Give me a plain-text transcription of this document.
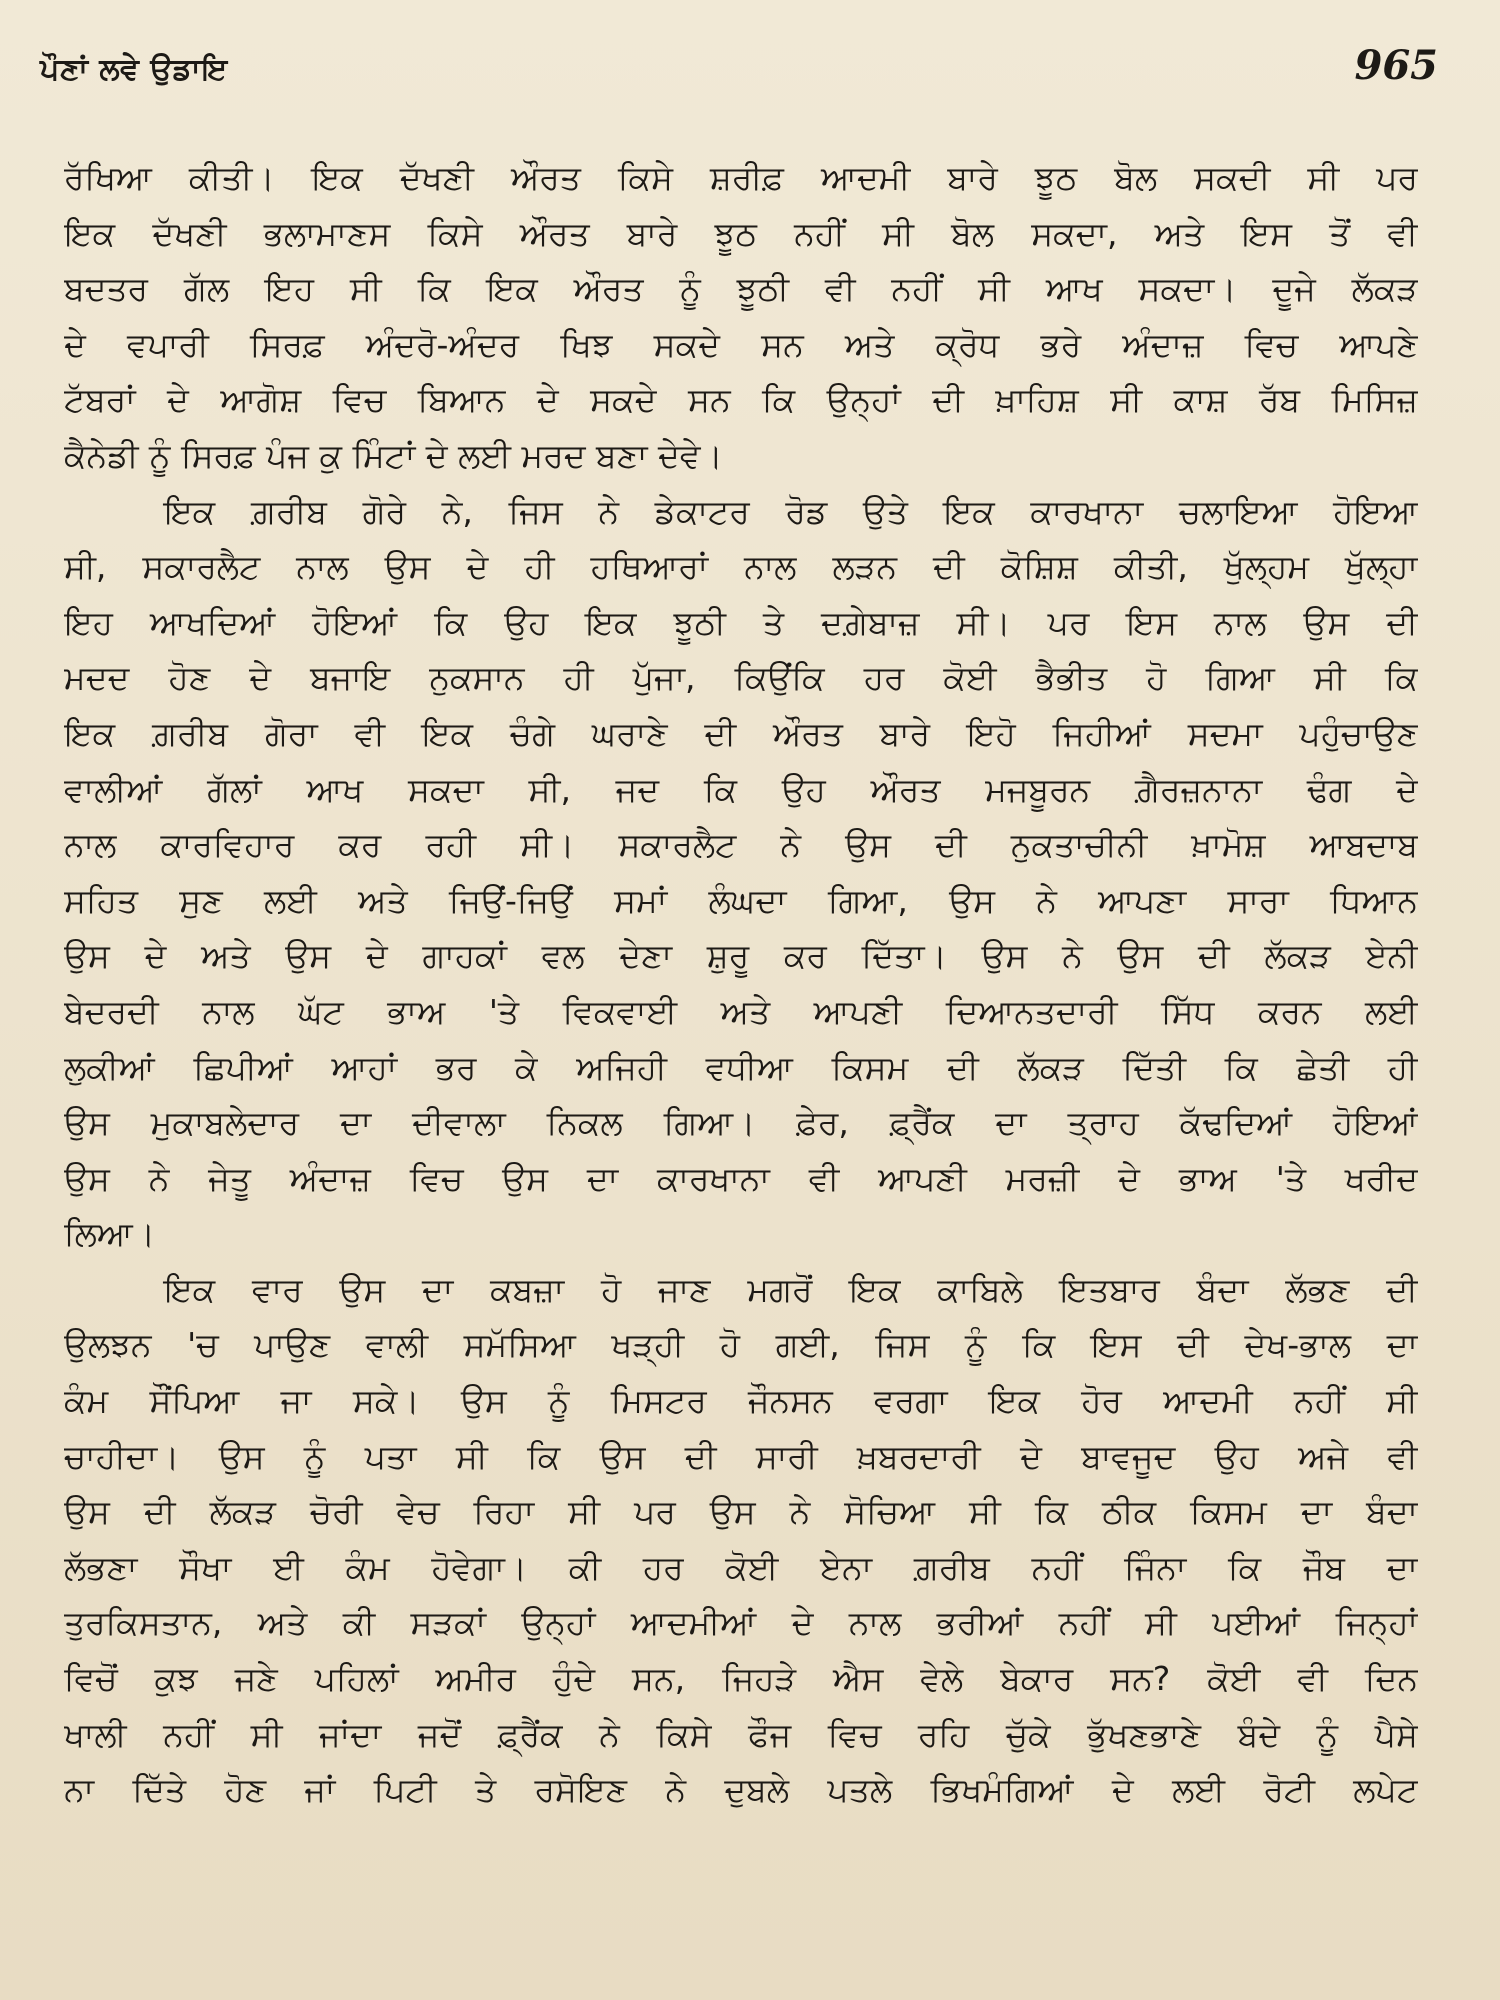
ਪੌਣਾਂ ਲਵੇ ਉਡਾਇ	965
ਰੱਖਿਆ ਕੀਤੀ। ਇਕ ਦੱਖਣੀ ਔਰਤ ਕਿਸੇ ਸ਼ਰੀਫ਼ ਆਦਮੀ ਬਾਰੇ ਝੂਠ ਬੋਲ ਸਕਦੀ ਸੀ ਪਰ
ਇਕ ਦੱਖਣੀ ਭਲਾਮਾਣਸ ਕਿਸੇ ਔਰਤ ਬਾਰੇ ਝੂਠ ਨਹੀਂ ਸੀ ਬੋਲ ਸਕਦਾ, ਅਤੇ ਇਸ ਤੋਂ ਵੀ
ਬਦਤਰ ਗੱਲ ਇਹ ਸੀ ਕਿ ਇਕ ਔਰਤ ਨੂੰ ਝੂਠੀ ਵੀ ਨਹੀਂ ਸੀ ਆਖ ਸਕਦਾ। ਦੂਜੇ ਲੱਕੜ
ਦੇ ਵਪਾਰੀ ਸਿਰਫ਼ ਅੰਦਰੋ-ਅੰਦਰ ਖਿਝ ਸਕਦੇ ਸਨ ਅਤੇ ਕ੍ਰੋਧ ਭਰੇ ਅੰਦਾਜ਼ ਵਿਚ ਆਪਣੇ
ਟੱਬਰਾਂ ਦੇ ਆਗੋਸ਼ ਵਿਚ ਬਿਆਨ ਦੇ ਸਕਦੇ ਸਨ ਕਿ ਉਨ੍ਹਾਂ ਦੀ ਖ਼ਾਹਿਸ਼ ਸੀ ਕਾਸ਼ ਰੱਬ ਮਿਸਿਜ਼
ਕੈਨੇਡੀ ਨੂੰ ਸਿਰਫ਼ ਪੰਜ ਕੁ ਮਿੰਟਾਂ ਦੇ ਲਈ ਮਰਦ ਬਣਾ ਦੇਵੇ।
ਇਕ ਗ਼ਰੀਬ ਗੋਰੇ ਨੇ, ਜਿਸ ਨੇ ਡੇਕਾਟਰ ਰੋਡ ਉਤੇ ਇਕ ਕਾਰਖਾਨਾ ਚਲਾਇਆ ਹੋਇਆ
ਸੀ, ਸਕਾਰਲੈਟ ਨਾਲ ਉਸ ਦੇ ਹੀ ਹਥਿਆਰਾਂ ਨਾਲ ਲੜਨ ਦੀ ਕੋਸ਼ਿਸ਼ ਕੀਤੀ, ਖੁੱਲ੍ਹਮ ਖੁੱਲ੍ਹਾ
ਇਹ ਆਖਦਿਆਂ ਹੋਇਆਂ ਕਿ ਉਹ ਇਕ ਝੂਠੀ ਤੇ ਦਗ਼ੇਬਾਜ਼ ਸੀ। ਪਰ ਇਸ ਨਾਲ ਉਸ ਦੀ
ਮਦਦ ਹੋਣ ਦੇ ਬਜਾਇ ਨੁਕਸਾਨ ਹੀ ਪੁੱਜਾ, ਕਿਉਂਕਿ ਹਰ ਕੋਈ ਭੈਭੀਤ ਹੋ ਗਿਆ ਸੀ ਕਿ
ਇਕ ਗ਼ਰੀਬ ਗੋਰਾ ਵੀ ਇਕ ਚੰਗੇ ਘਰਾਣੇ ਦੀ ਔਰਤ ਬਾਰੇ ਇਹੋ ਜਿਹੀਆਂ ਸਦਮਾ ਪਹੁੰਚਾਉਣ
ਵਾਲੀਆਂ ਗੱਲਾਂ ਆਖ ਸਕਦਾ ਸੀ, ਜਦ ਕਿ ਉਹ ਔਰਤ ਮਜਬੂਰਨ ਗ਼ੈਰਜ਼ਨਾਨਾ ਢੰਗ ਦੇ
ਨਾਲ ਕਾਰਵਿਹਾਰ ਕਰ ਰਹੀ ਸੀ। ਸਕਾਰਲੈਟ ਨੇ ਉਸ ਦੀ ਨੁਕਤਾਚੀਨੀ ਖ਼ਾਮੋਸ਼ ਆਬਦਾਬ
ਸਹਿਤ ਸੁਣ ਲਈ ਅਤੇ ਜਿਉਂ-ਜਿਉਂ ਸਮਾਂ ਲੰਘਦਾ ਗਿਆ, ਉਸ ਨੇ ਆਪਣਾ ਸਾਰਾ ਧਿਆਨ
ਉਸ ਦੇ ਅਤੇ ਉਸ ਦੇ ਗਾਹਕਾਂ ਵਲ ਦੇਣਾ ਸ਼ੁਰੂ ਕਰ ਦਿੱਤਾ। ਉਸ ਨੇ ਉਸ ਦੀ ਲੱਕੜ ਏਨੀ
ਬੇਦਰਦੀ ਨਾਲ ਘੱਟ ਭਾਅ 'ਤੇ ਵਿਕਵਾਈ ਅਤੇ ਆਪਣੀ ਦਿਆਨਤਦਾਰੀ ਸਿੱਧ ਕਰਨ ਲਈ
ਲੁਕੀਆਂ ਛਿਪੀਆਂ ਆਹਾਂ ਭਰ ਕੇ ਅਜਿਹੀ ਵਧੀਆ ਕਿਸਮ ਦੀ ਲੱਕੜ ਦਿੱਤੀ ਕਿ ਛੇਤੀ ਹੀ
ਉਸ ਮੁਕਾਬਲੇਦਾਰ ਦਾ ਦੀਵਾਲਾ ਨਿਕਲ ਗਿਆ। ਫ਼ੇਰ, ਫ਼੍ਰੈਂਕ ਦਾ ਤ੍ਰਾਹ ਕੱਢਦਿਆਂ ਹੋਇਆਂ
ਉਸ ਨੇ ਜੇਤੂ ਅੰਦਾਜ਼ ਵਿਚ ਉਸ ਦਾ ਕਾਰਖਾਨਾ ਵੀ ਆਪਣੀ ਮਰਜ਼ੀ ਦੇ ਭਾਅ 'ਤੇ ਖਰੀਦ
ਲਿਆ।
ਇਕ ਵਾਰ ਉਸ ਦਾ ਕਬਜ਼ਾ ਹੋ ਜਾਣ ਮਗਰੋਂ ਇਕ ਕਾਬਿਲੇ ਇਤਬਾਰ ਬੰਦਾ ਲੱਭਣ ਦੀ
ਉਲਝਨ 'ਚ ਪਾਉਣ ਵਾਲੀ ਸਮੱਸਿਆ ਖੜ੍ਹੀ ਹੋ ਗਈ, ਜਿਸ ਨੂੰ ਕਿ ਇਸ ਦੀ ਦੇਖ-ਭਾਲ ਦਾ
ਕੰਮ ਸੌਂਪਿਆ ਜਾ ਸਕੇ। ਉਸ ਨੂੰ ਮਿਸਟਰ ਜੌਨਸਨ ਵਰਗਾ ਇਕ ਹੋਰ ਆਦਮੀ ਨਹੀਂ ਸੀ
ਚਾਹੀਦਾ। ਉਸ ਨੂੰ ਪਤਾ ਸੀ ਕਿ ਉਸ ਦੀ ਸਾਰੀ ਖ਼ਬਰਦਾਰੀ ਦੇ ਬਾਵਜੂਦ ਉਹ ਅਜੇ ਵੀ
ਉਸ ਦੀ ਲੱਕੜ ਚੋਰੀ ਵੇਚ ਰਿਹਾ ਸੀ ਪਰ ਉਸ ਨੇ ਸੋਚਿਆ ਸੀ ਕਿ ਠੀਕ ਕਿਸਮ ਦਾ ਬੰਦਾ
ਲੱਭਣਾ ਸੌਖਾ ਈ ਕੰਮ ਹੋਵੇਗਾ। ਕੀ ਹਰ ਕੋਈ ਏਨਾ ਗ਼ਰੀਬ ਨਹੀਂ ਜਿੰਨਾ ਕਿ ਜੌਬ ਦਾ
ਤੁਰਕਿਸਤਾਨ, ਅਤੇ ਕੀ ਸੜਕਾਂ ਉਨ੍ਹਾਂ ਆਦਮੀਆਂ ਦੇ ਨਾਲ ਭਰੀਆਂ ਨਹੀਂ ਸੀ ਪਈਆਂ ਜਿਨ੍ਹਾਂ
ਵਿਚੋਂ ਕੁਝ ਜਣੇ ਪਹਿਲਾਂ ਅਮੀਰ ਹੁੰਦੇ ਸਨ, ਜਿਹੜੇ ਐਸ ਵੇਲੇ ਬੇਕਾਰ ਸਨ? ਕੋਈ ਵੀ ਦਿਨ
ਖਾਲੀ ਨਹੀਂ ਸੀ ਜਾਂਦਾ ਜਦੋਂ ਫ਼੍ਰੈਂਕ ਨੇ ਕਿਸੇ ਫੌਜ ਵਿਚ ਰਹਿ ਚੁੱਕੇ ਭੁੱਖਣਭਾਣੇ ਬੰਦੇ ਨੂੰ ਪੈਸੇ
ਨਾ ਦਿੱਤੇ ਹੋਣ ਜਾਂ ਪਿਟੀ ਤੇ ਰਸੋਇਣ ਨੇ ਦੁਬਲੇ ਪਤਲੇ ਭਿਖਮੰਗਿਆਂ ਦੇ ਲਈ ਰੋਟੀ ਲਪੇਟ
